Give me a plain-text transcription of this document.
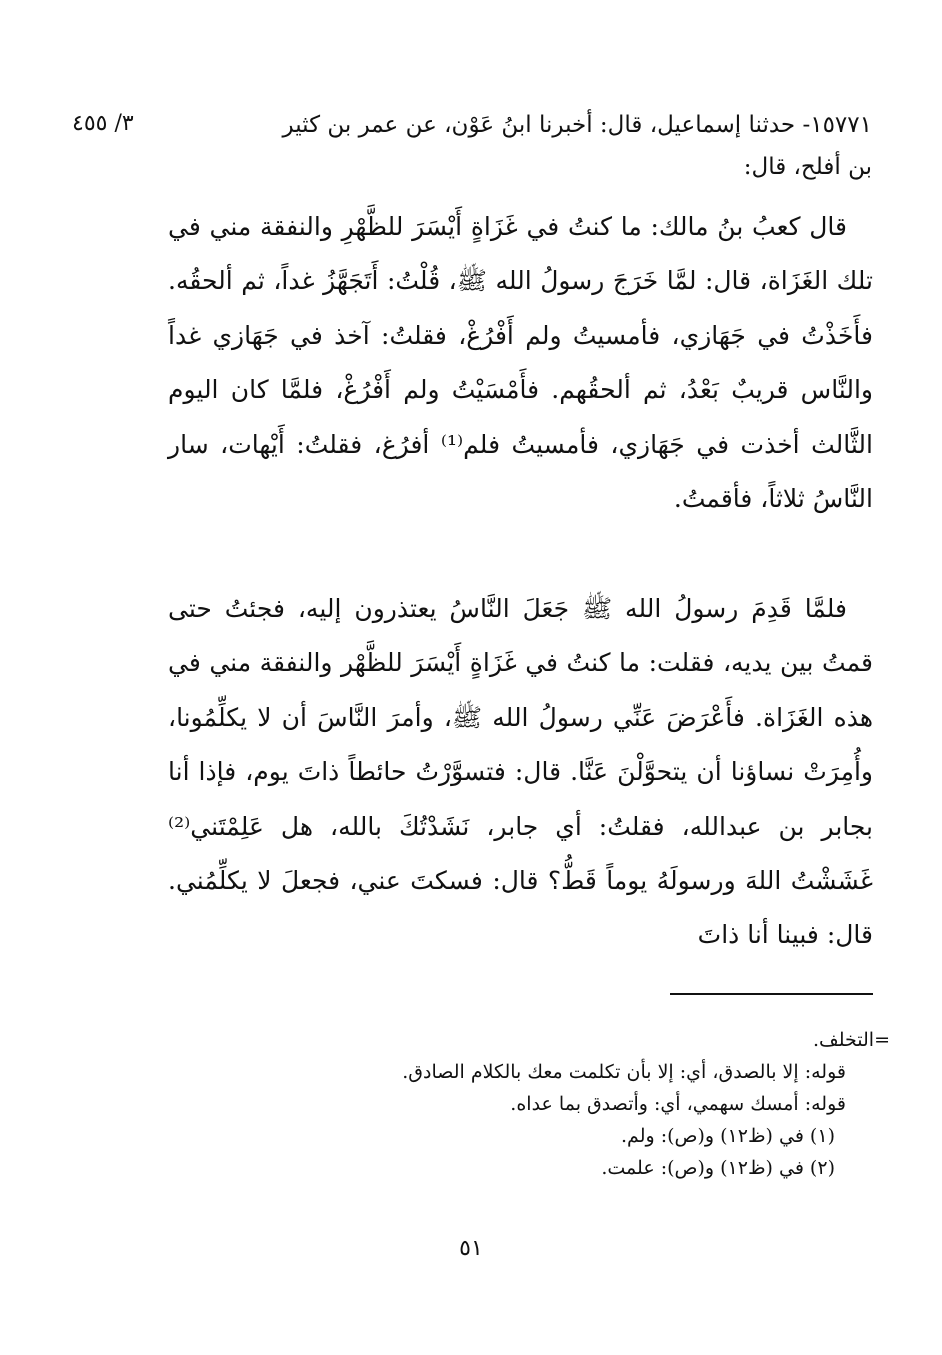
٣/ ٤٥٥	١٥٧٧١- حدثنا إسماعيل، قال: أخبرنا ابنُ عَوْن، عن عمر بن كثير
بن أفلح، قال:
قال كعبُ بنُ مالك: ما كنتُ في غَزَاةٍ أَيْسَرَ للظَّهْرِ والنفقة مني في تلك الغَزَاة، قال: لمَّا خَرَجَ رسولُ الله ﷺ، قُلْتُ: أَتَجَهَّزُ غداً، ثم ألحقُه. فأَخَذْتُ في جَهَازي، فأمسيتُ ولم أَفْرُغْ، فقلتُ: آخذ في جَهَازي غداً والنَّاس قريبٌ بَعْدُ، ثم ألحقُهم. فأَمْسَيْتُ ولم أَفْرُغْ، فلمَّا كان اليوم الثَّالث أخذت في جَهَازي، فأمسيتُ فلم⁽¹⁾ أفرُغ، فقلتُ: أَيْهات، سار النَّاسُ ثلاثاً، فأقمتُ.
فلمَّا قَدِمَ رسولُ الله ﷺ جَعَلَ النَّاسُ يعتذرون إليه، فجئتُ حتى قمتُ بين يديه، فقلت: ما كنتُ في غَزَاةٍ أَيْسَرَ للظَّهْر والنفقة مني في هذه الغَزَاة. فأَعْرَضَ عَنِّي رسولُ الله ﷺ، وأمرَ النَّاسَ أن لا يكلِّمُونا، وأُمِرَتْ نساؤنا أن يتحوَّلْنَ عَنَّا. قال: فتسوَّرْتُ حائطاً ذاتَ يوم، فإذا أنا بجابر بن عبدالله، فقلتُ: أي جابر، نَشَدْتُكَ بالله، هل عَلِمْتَني⁽²⁾ غَشَشْتُ اللهَ ورسولَهُ يوماً قَطُّ؟ قال: فسكتَ عني، فجعلَ لا يكلِّمُني. قال: فبينا أنا ذاتَ
=التخلف.
قوله: إلا بالصدق، أي: إلا بأن تكلمت معك بالكلام الصادق.
قوله: أمسك سهمي، أي: وأتصدق بما عداه.
(١) في (ظ١٢) و(ص): ولم.
(٢) في (ظ١٢) و(ص): علمت.
٥١
